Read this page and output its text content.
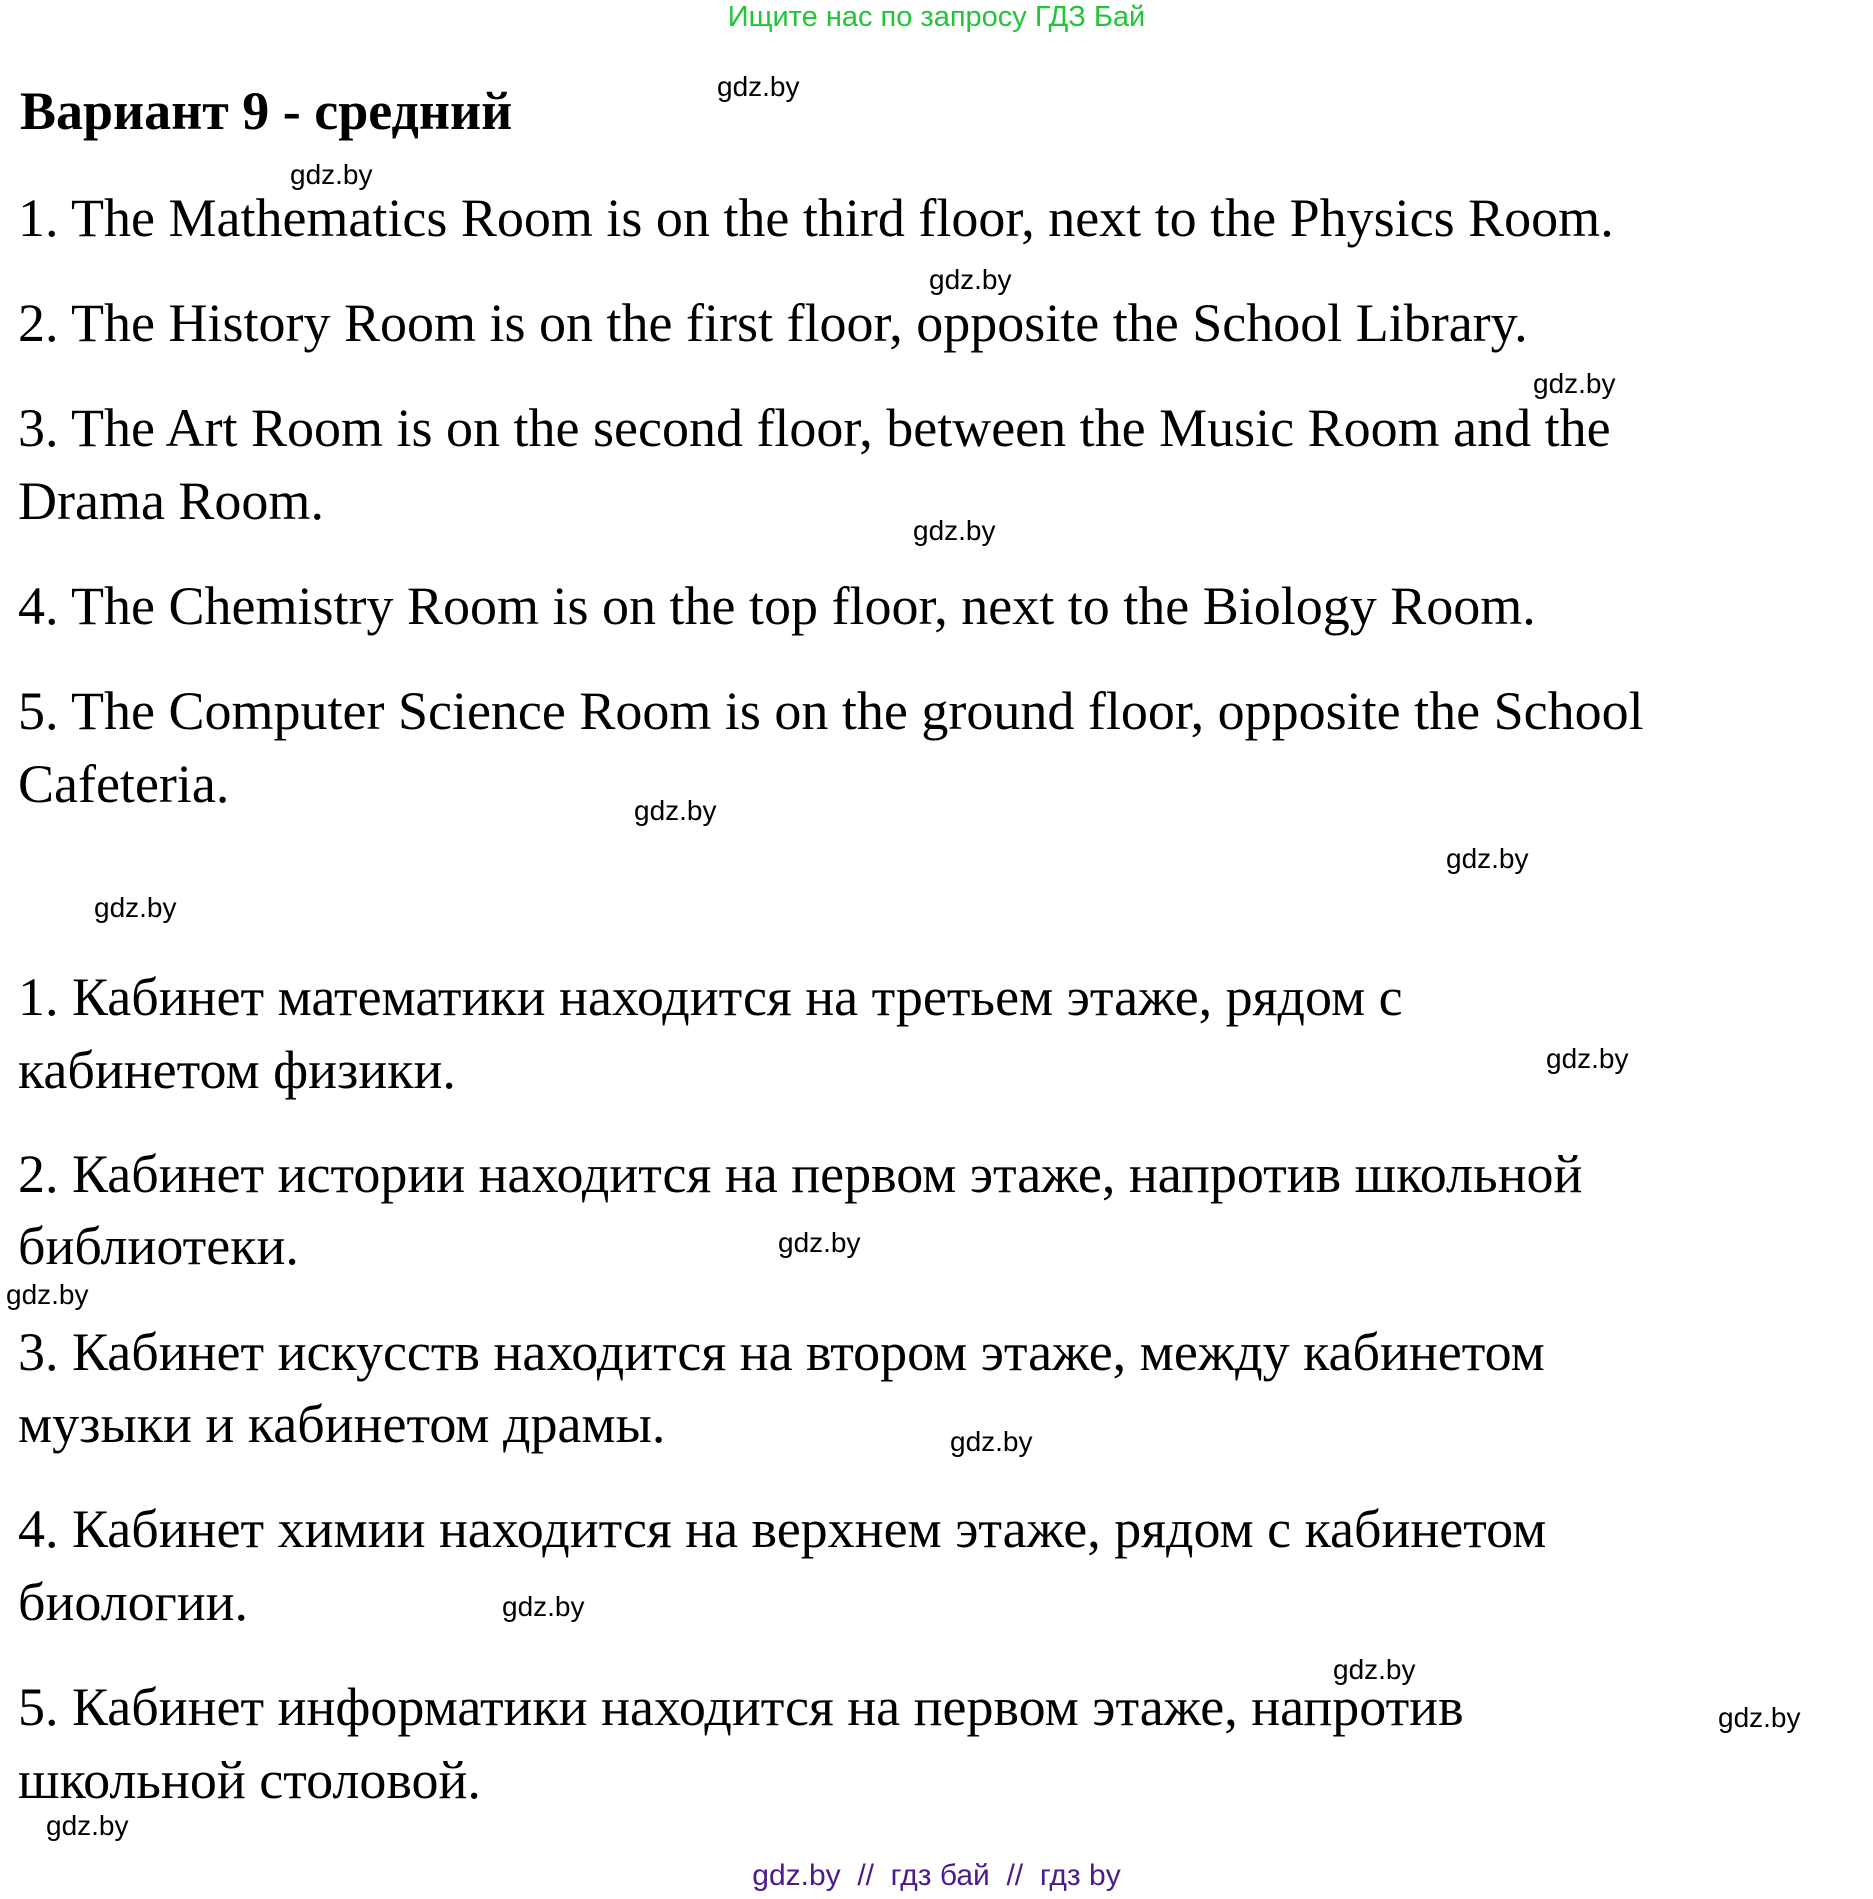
Ищите нас по запросу ГДЗ Бай
Вариант 9 - средний
1. The Mathematics Room is on the third floor, next to the Physics Room.
2. The History Room is on the first floor, opposite the School Library.
3. The Art Room is on the second floor, between the Music Room and the
Drama Room.
4. The Chemistry Room is on the top floor, next to the Biology Room.
5. The Computer Science Room is on the ground floor, opposite the School
Cafeteria.
1. Кабинет математики находится на третьем этаже, рядом с
кабинетом физики.
2. Кабинет истории находится на первом этаже, напротив школьной
библиотеки.
3. Кабинет искусств находится на втором этаже, между кабинетом
музыки и кабинетом драмы.
4. Кабинет химии находится на верхнем этаже, рядом с кабинетом
биологии.
5. Кабинет информатики находится на первом этаже, напротив
школьной столовой.
gdz.by
gdz.by
gdz.by
gdz.by
gdz.by
gdz.by
gdz.by
gdz.by
gdz.by
gdz.by
gdz.by
gdz.by
gdz.by
gdz.by
gdz.by
gdz.by
gdz.by  //  гдз бай  //  гдз by
